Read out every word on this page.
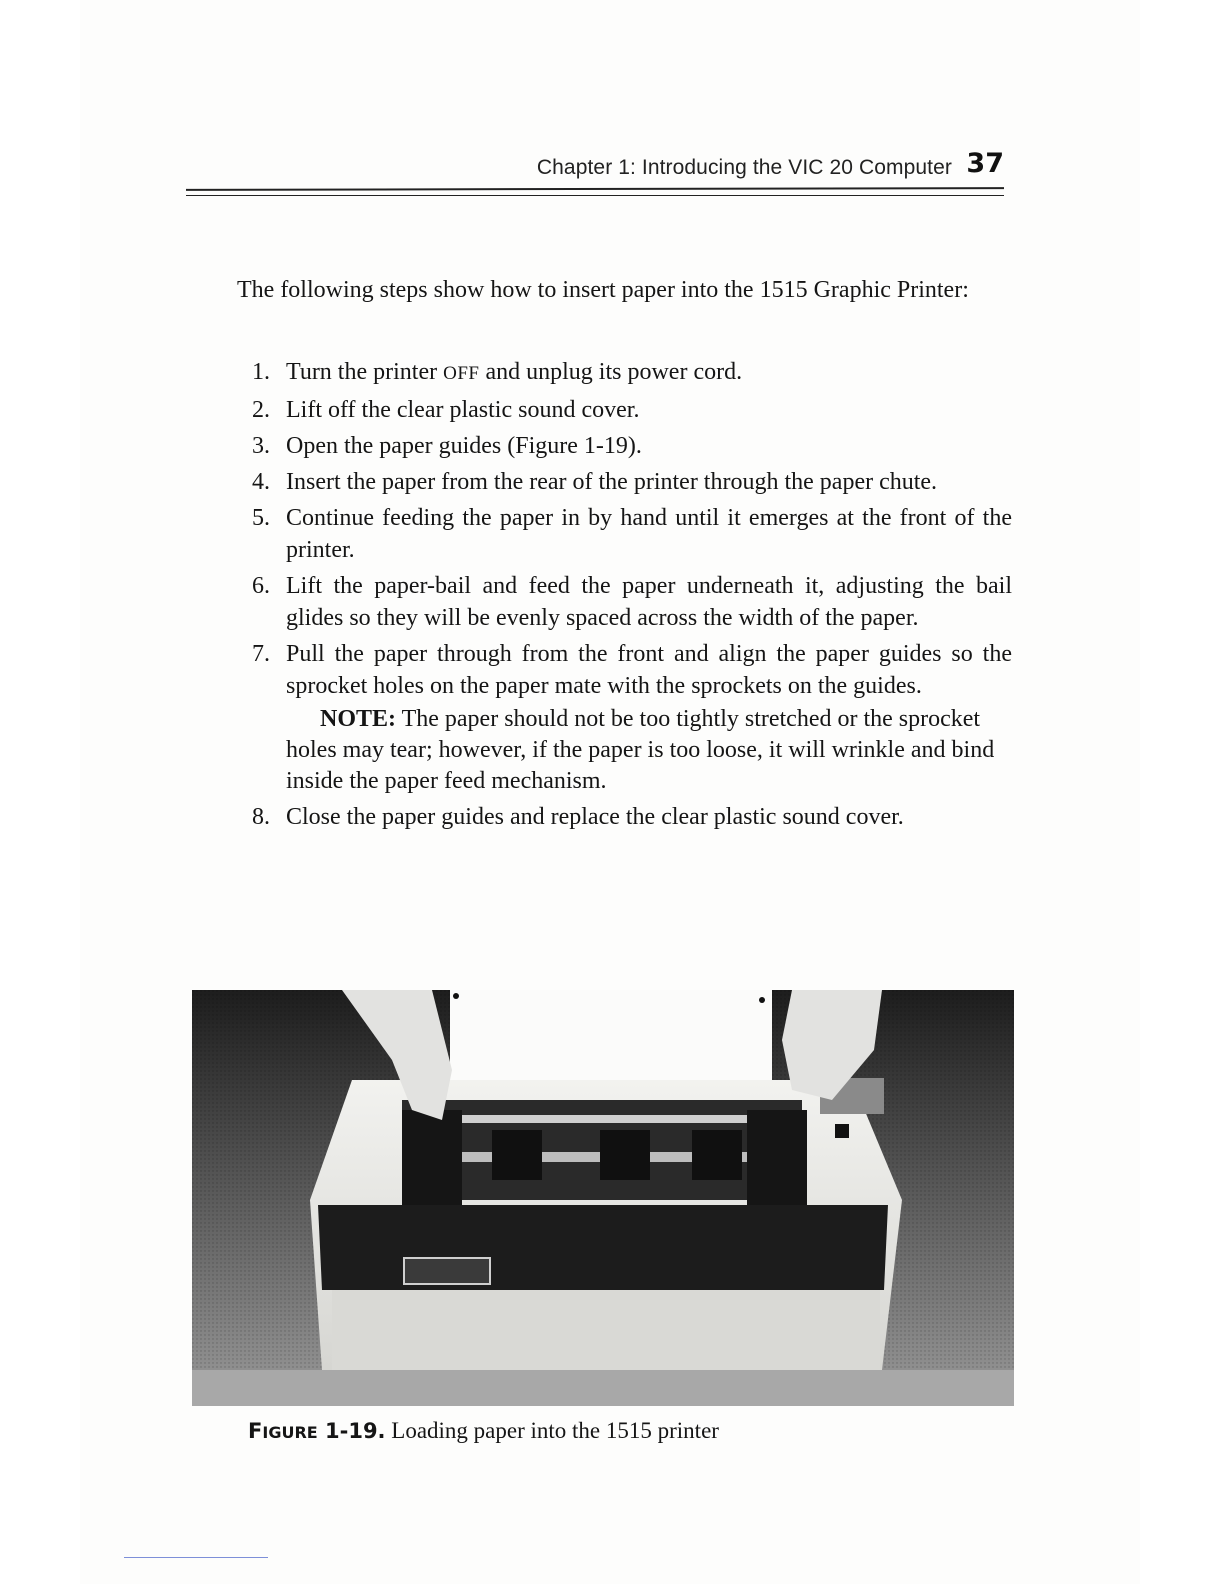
Chapter 1: Introducing the VIC 20 Computer 37

The following steps show how to insert paper into the 1515 Graphic Printer:

1. Turn the printer OFF and unplug its power cord.
2. Lift off the clear plastic sound cover.
3. Open the paper guides (Figure 1-19).
4. Insert the paper from the rear of the printer through the paper chute.
5. Continue feeding the paper in by hand until it emerges at the front of the printer.
6. Lift the paper-bail and feed the paper underneath it, adjusting the bail glides so they will be evenly spaced across the width of the paper.
7. Pull the paper through from the front and align the paper guides so the sprocket holes on the paper mate with the sprockets on the guides.
NOTE: The paper should not be too tightly stretched or the sprocket holes may tear; however, if the paper is too loose, it will wrinkle and bind inside the paper feed mechanism.
8. Close the paper guides and replace the clear plastic sound cover.
FIGURE 1-19. Loading paper into the 1515 printer
